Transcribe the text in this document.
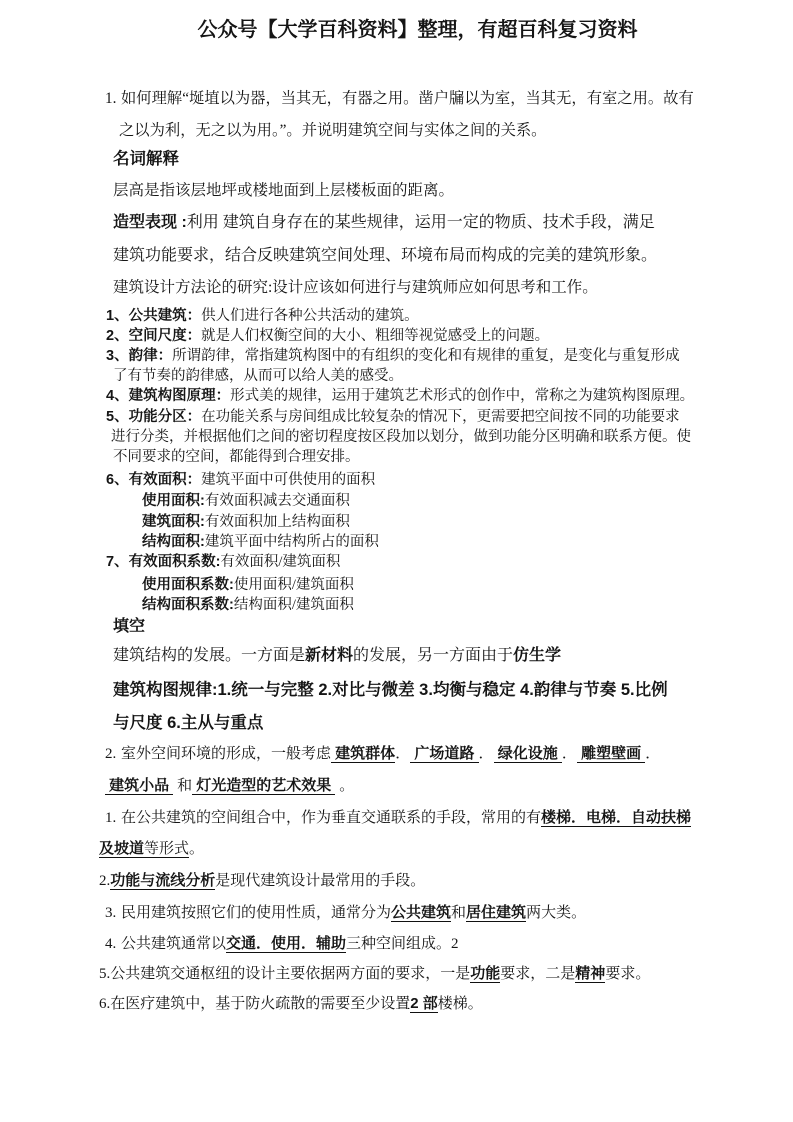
公众号【大学百科资料】整理，有超百科复习资料
1. 如何理解“埏埴以为器，当其无，有器之用。凿户牖以为室，当其无，有室之用。故有
之以为利，无之以为用。”。并说明建筑空间与实体之间的关系。
名词解释
层高是指该层地坪或楼地面到上层楼板面的距离。
造型表现 :利用 建筑自身存在的某些规律，运用一定的物质、技术手段，满足
建筑功能要求，结合反映建筑空间处理、环境布局而构成的完美的建筑形象。
建筑设计方法论的研究:设计应该如何进行与建筑师应如何思考和工作。
1、公共建筑：供人们进行各种公共活动的建筑。
2、空间尺度：就是人们权衡空间的大小、粗细等视觉感受上的问题。
3、韵律：所谓韵律，常指建筑构图中的有组织的变化和有规律的重复，是变化与重复形成
了有节奏的韵律感，从而可以给人美的感受。
4、建筑构图原理：形式美的规律，运用于建筑艺术形式的创作中，常称之为建筑构图原理。
5、功能分区：在功能关系与房间组成比较复杂的情况下，更需要把空间按不同的功能要求
进行分类，并根据他们之间的密切程度按区段加以划分，做到功能分区明确和联系方便。使
不同要求的空间，都能得到合理安排。
6、有效面积：建筑平面中可供使用的面积
使用面积:有效面积减去交通面积
建筑面积:有效面积加上结构面积
结构面积:建筑平面中结构所占的面积
7、有效面积系数:有效面积/建筑面积
使用面积系数:使用面积/建筑面积
结构面积系数:结构面积/建筑面积
填空
建筑结构的发展。一方面是新材料的发展，另一方面由于仿生学
建筑构图规律:1.统一与完整 2.对比与微差 3.均衡与稳定 4.韵律与节奏 5.比例
与尺度 6.主从与重点
2. 室外空间环境的形成，一般考虑 建筑群体． 广场道路 ． 绿化设施 ． 雕塑壁画 ．
建筑小品  和 灯光造型的艺术效果  。
1. 在公共建筑的空间组合中，作为垂直交通联系的手段，常用的有楼梯．电梯．自动扶梯
及坡道等形式。
2.功能与流线分析是现代建筑设计最常用的手段。
3. 民用建筑按照它们的使用性质，通常分为公共建筑和居住建筑两大类。
4. 公共建筑通常以交通．使用．辅助三种空间组成。2
5.公共建筑交通枢纽的设计主要依据两方面的要求，一是功能要求，二是精神要求。
6.在医疗建筑中，基于防火疏散的需要至少设置2 部楼梯。
